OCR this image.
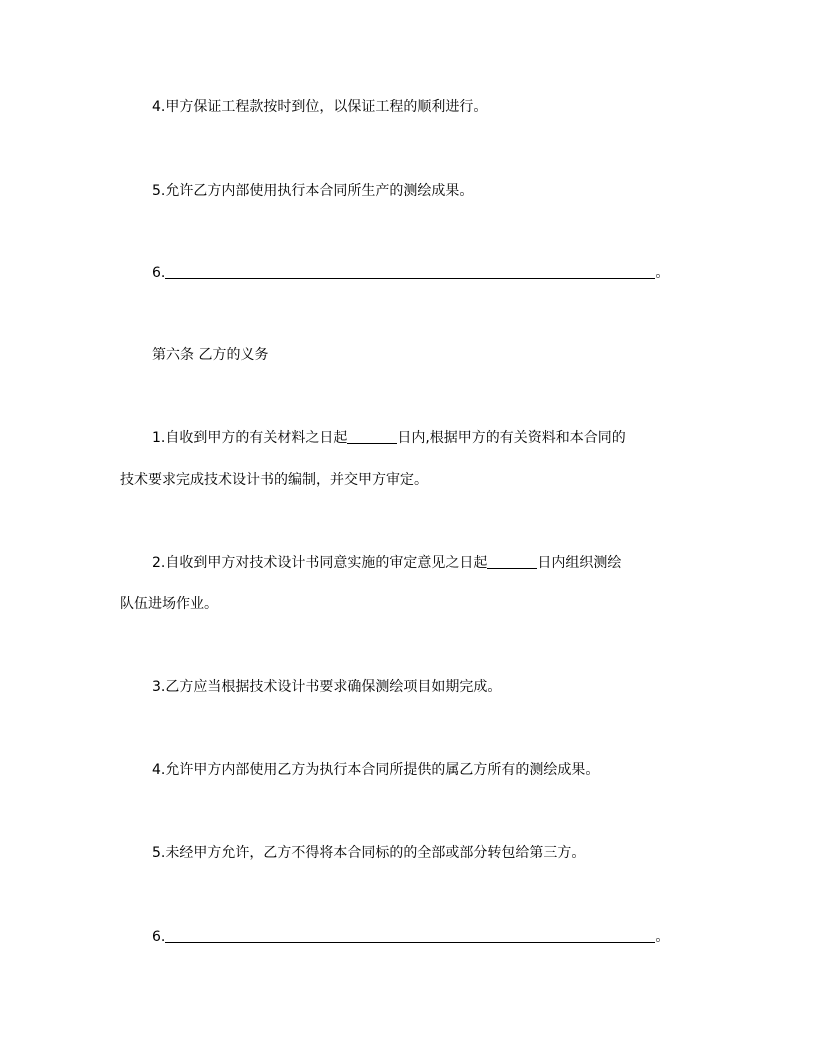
4.甲方保证工程款按时到位，以保证工程的顺利进行。
5.允许乙方内部使用执行本合同所生产的测绘成果。
6.	。
第六条 乙方的义务
1.自收到甲方的有关材料之日起	日内,根据甲方的有关资料和本合同的
技术要求完成技术设计书的编制，并交甲方审定。
2.自收到甲方对技术设计书同意实施的审定意见之日起	日内组织测绘
队伍进场作业。
3.乙方应当根据技术设计书要求确保测绘项目如期完成。
4.允许甲方内部使用乙方为执行本合同所提供的属乙方所有的测绘成果。
5.未经甲方允许，乙方不得将本合同标的的全部或部分转包给第三方。
6.	。
